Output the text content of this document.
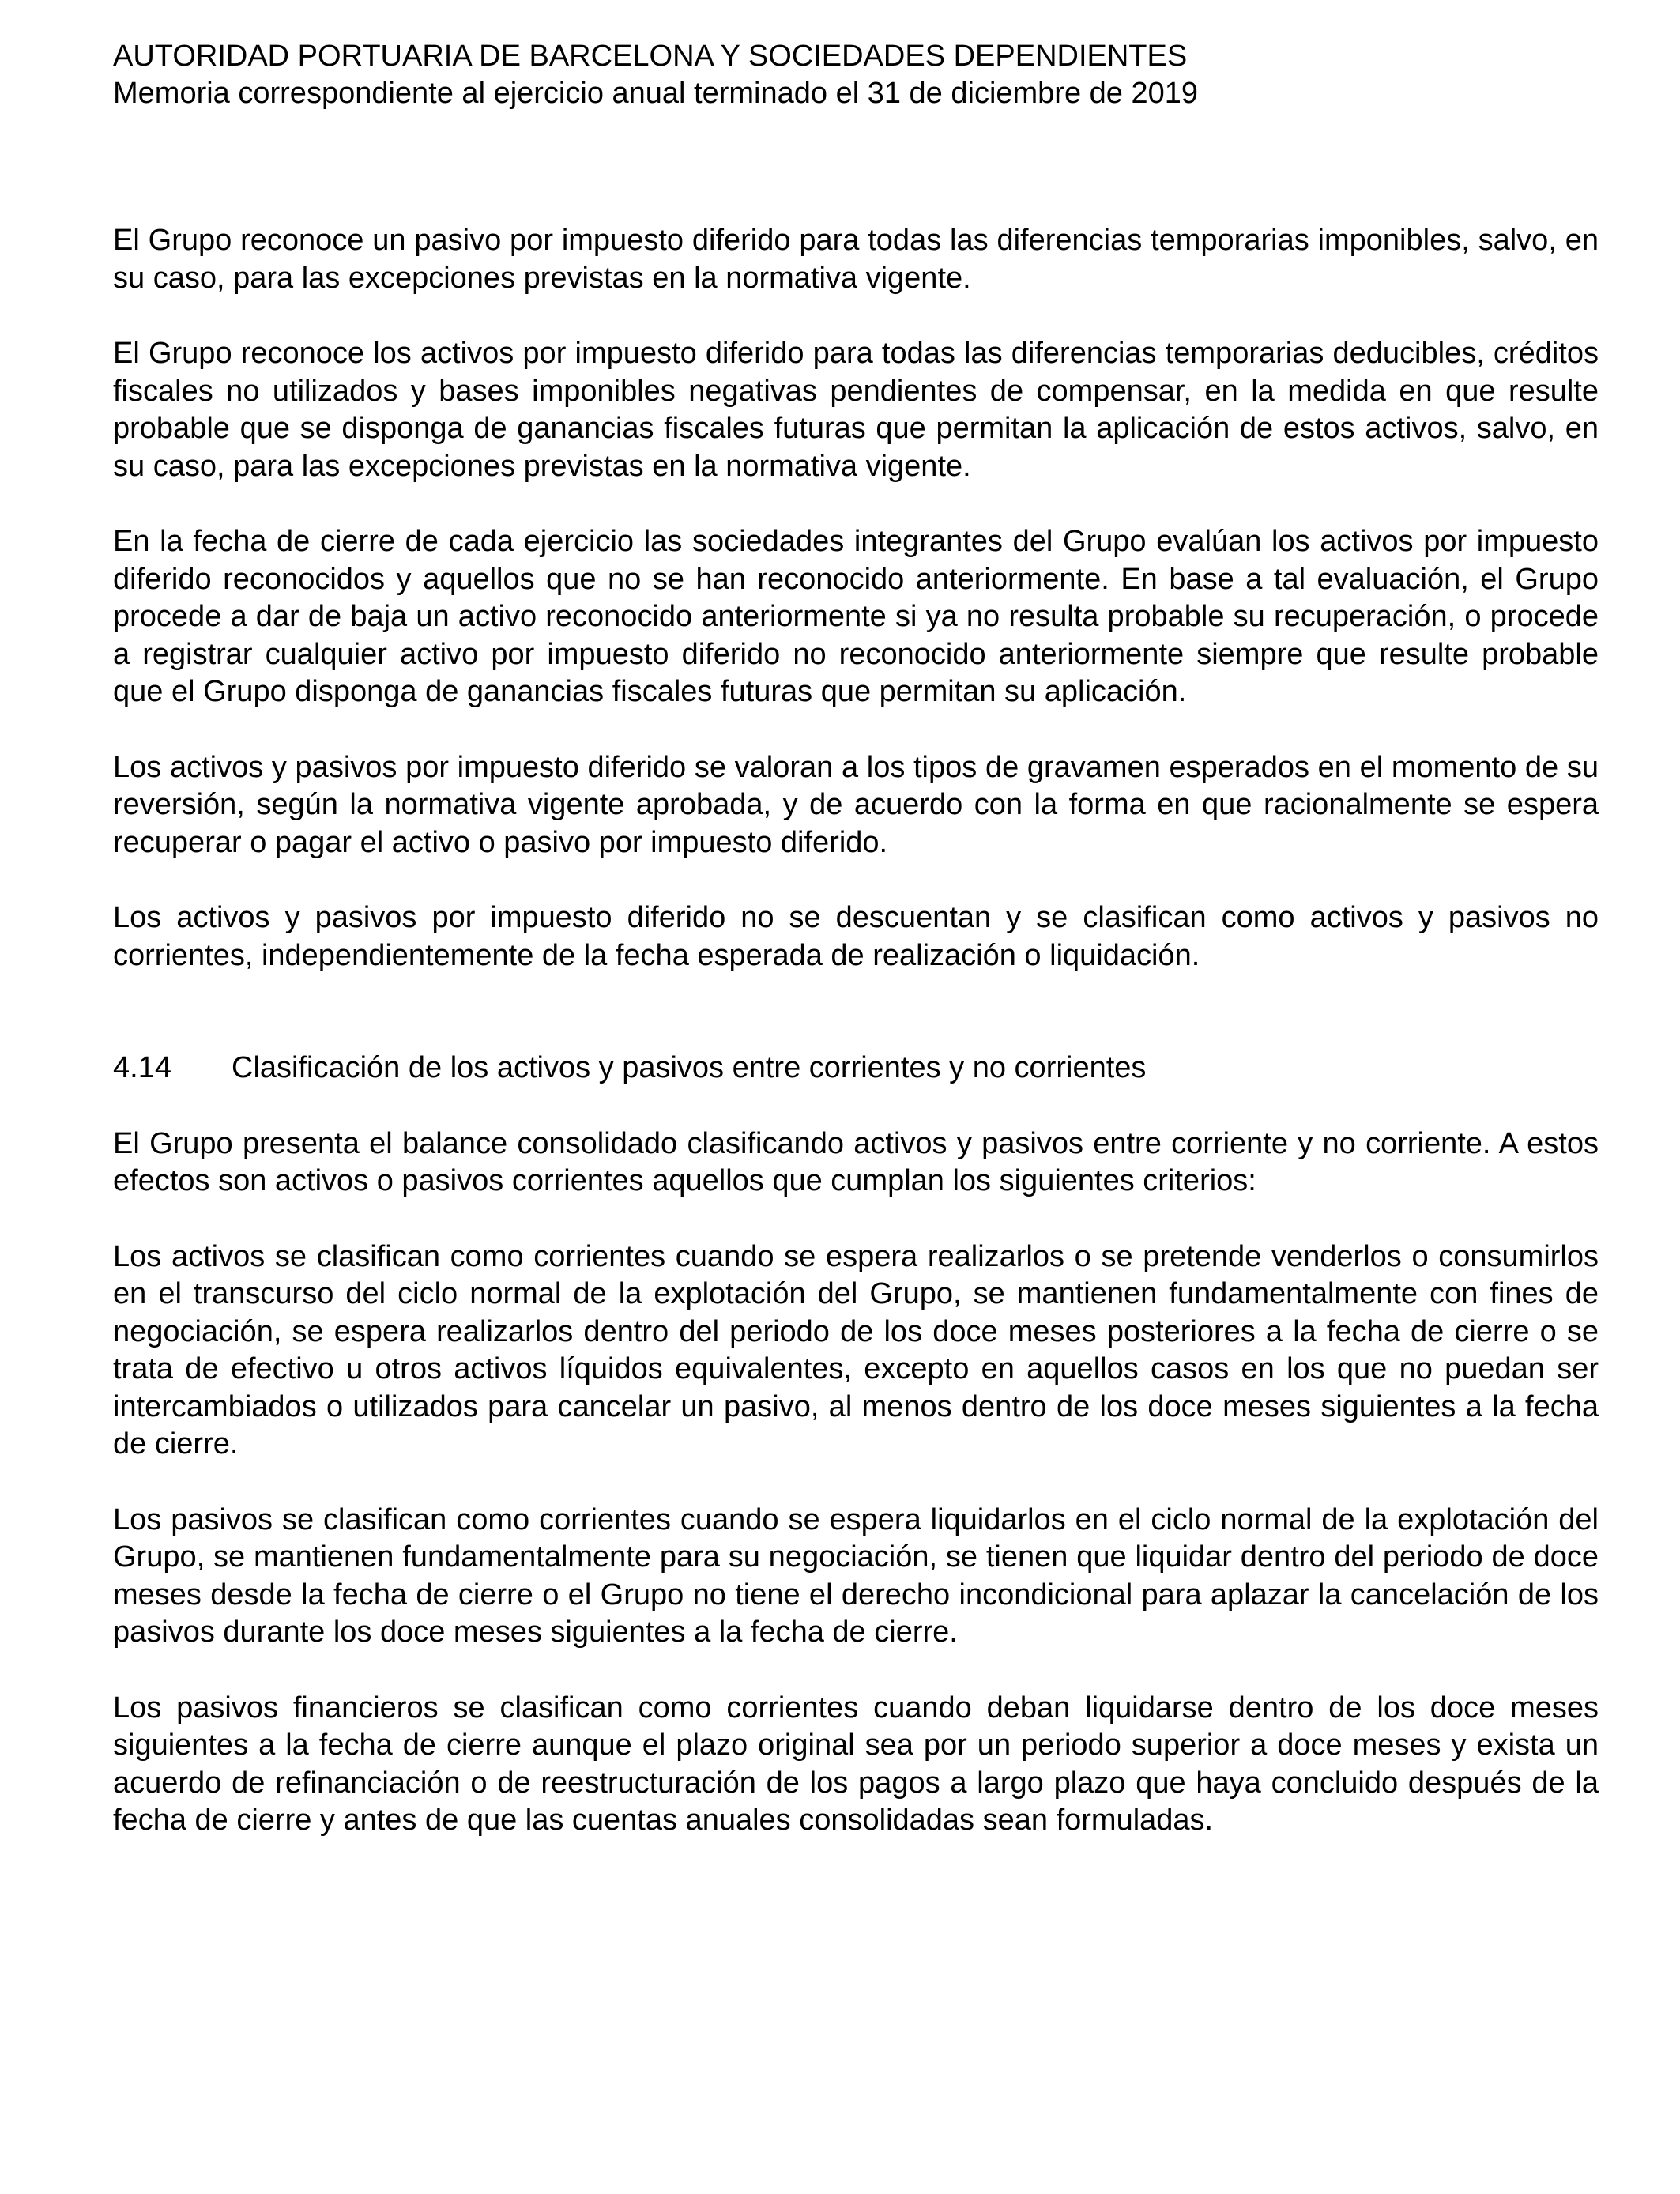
AUTORIDAD PORTUARIA DE BARCELONA Y SOCIEDADES DEPENDIENTES

Memoria correspondiente al ejercicio anual terminado el 31 de diciembre de 2019

El Grupo reconoce un pasivo por impuesto diferido para todas las diferencias temporarias imponibles, salvo, en su caso, para las excepciones previstas en la normativa vigente.

El Grupo reconoce los activos por impuesto diferido para todas las diferencias temporarias deducibles, créditos fiscales no utilizados y bases imponibles negativas pendientes de compensar, en la medida en que resulte probable que se disponga de ganancias fiscales futuras que permitan la aplicación de estos activos, salvo, en su caso, para las excepciones previstas en la normativa vigente.

En la fecha de cierre de cada ejercicio las sociedades integrantes del Grupo evalúan los activos por impuesto diferido reconocidos y aquellos que no se han reconocido anteriormente. En base a tal evaluación, el Grupo procede a dar de baja un activo reconocido anteriormente si ya no resulta probable su recuperación, o procede a registrar cualquier activo por impuesto diferido no reconocido anteriormente siempre que resulte probable que el Grupo disponga de ganancias fiscales futuras que permitan su aplicación.

Los activos y pasivos por impuesto diferido se valoran a los tipos de gravamen esperados en el momento de su reversión, según la normativa vigente aprobada, y de acuerdo con la forma en que racionalmente se espera recuperar o pagar el activo o pasivo por impuesto diferido.

Los activos y pasivos por impuesto diferido no se descuentan y se clasifican como activos y pasivos no corrientes, independientemente de la fecha esperada de realización o liquidación.

4.14 Clasificación de los activos y pasivos entre corrientes y no corrientes

El Grupo presenta el balance consolidado clasificando activos y pasivos entre corriente y no corriente. A estos efectos son activos o pasivos corrientes aquellos que cumplan los siguientes criterios:

Los activos se clasifican como corrientes cuando se espera realizarlos o se pretende venderlos o consumirlos en el transcurso del ciclo normal de la explotación del Grupo, se mantienen fundamentalmente con fines de negociación, se espera realizarlos dentro del periodo de los doce meses posteriores a la fecha de cierre o se trata de efectivo u otros activos líquidos equivalentes, excepto en aquellos casos en los que no puedan ser intercambiados o utilizados para cancelar un pasivo, al menos dentro de los doce meses siguientes a la fecha de cierre.

Los pasivos se clasifican como corrientes cuando se espera liquidarlos en el ciclo normal de la explotación del Grupo, se mantienen fundamentalmente para su negociación, se tienen que liquidar dentro del periodo de doce meses desde la fecha de cierre o el Grupo no tiene el derecho incondicional para aplazar la cancelación de los pasivos durante los doce meses siguientes a la fecha de cierre.

Los pasivos financieros se clasifican como corrientes cuando deban liquidarse dentro de los doce meses siguientes a la fecha de cierre aunque el plazo original sea por un periodo superior a doce meses y exista un acuerdo de refinanciación o de reestructuración de los pagos a largo plazo que haya concluido después de la fecha de cierre y antes de que las cuentas anuales consolidadas sean formuladas.
